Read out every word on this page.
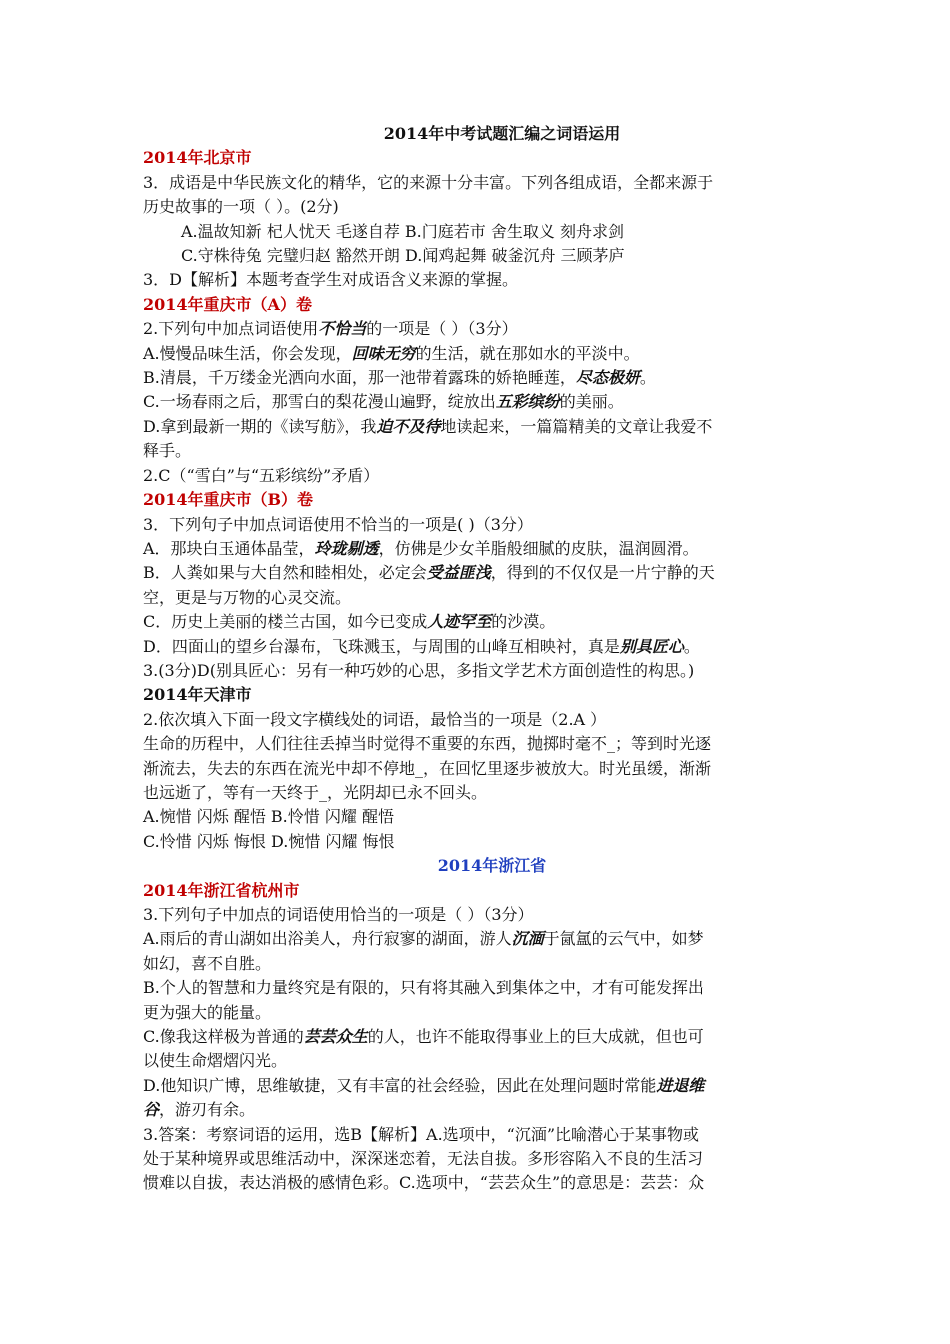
2014年中考试题汇编之词语运用

2014年北京市

3．成语是中华民族文化的精华，它的来源十分丰富。下列各组成语，全都来源于

历史故事的一项（ ）。(2分)

A.温故知新 杞人忧天 毛遂自荐 B.门庭若市 舍生取义 刻舟求剑

C.守株待兔 完璧归赵 豁然开朗 D.闻鸡起舞 破釜沉舟 三顾茅庐

3．D【解析】本题考查学生对成语含义来源的掌握。

2014年重庆市（A）卷

2.下列句中加点词语使用不恰当的一项是（ ）（3分）

A.慢慢品味生活，你会发现，回味无穷的生活，就在那如水的平淡中。

B.清晨，千万缕金光洒向水面，那一池带着露珠的娇艳睡莲，尽态极妍。

C.一场春雨之后，那雪白的梨花漫山遍野，绽放出五彩缤纷的美丽。

D.拿到最新一期的《读写舫》，我迫不及待地读起来，一篇篇精美的文章让我爱不

释手。

2.C（“雪白”与“五彩缤纷”矛盾）

2014年重庆市（B）卷

3．下列句子中加点词语使用不恰当的一项是( )（3分）

A．那块白玉通体晶莹，玲珑剔透，仿佛是少女羊脂般细腻的皮肤，温润圆滑。

B．人粪如果与大自然和睦相处，必定会受益匪浅，得到的不仅仅是一片宁静的天

空，更是与万物的心灵交流。

C．历史上美丽的楼兰古国，如今已变成人迹罕至的沙漠。

D．四面山的望乡台瀑布，飞珠溅玉，与周围的山峰互相映衬，真是别具匠心。

3.(3分)D(别具匠心：另有一种巧妙的心思，多指文学艺术方面创造性的构思。)

2014年天津市

2.依次填入下面一段文字横线处的词语，最恰当的一项是（2.A ）

生命的历程中，人们往往丢掉当时觉得不重要的东西，抛掷时毫不_；等到时光逐

渐流去，失去的东西在流光中却不停地_，在回忆里逐步被放大。时光虽缓，渐渐

也远逝了，等有一天终于_，光阴却已永不回头。

A.惋惜 闪烁 醒悟 B.怜惜 闪耀 醒悟

C.怜惜 闪烁 悔恨 D.惋惜 闪耀 悔恨

2014年浙江省

2014年浙江省杭州市

3.下列句子中加点的词语使用恰当的一项是（ ）（3分）

A.雨后的青山湖如出浴美人，舟行寂寥的湖面，游人沉湎于氤氲的云气中，如梦

如幻，喜不自胜。

B.个人的智慧和力量终究是有限的，只有将其融入到集体之中，才有可能发挥出

更为强大的能量。

C.像我这样极为普通的芸芸众生的人，也许不能取得事业上的巨大成就，但也可

以使生命熠熠闪光。

D.他知识广博，思维敏捷，又有丰富的社会经验，因此在处理问题时常能进退维

谷，游刃有余。

3.答案：考察词语的运用，选B【解析】A.选项中，“沉湎”比喻潜心于某事物或

处于某种境界或思维活动中，深深迷恋着，无法自拔。多形容陷入不良的生活习

惯难以自拔，表达消极的感情色彩。C.选项中，“芸芸众生”的意思是：芸芸：众
